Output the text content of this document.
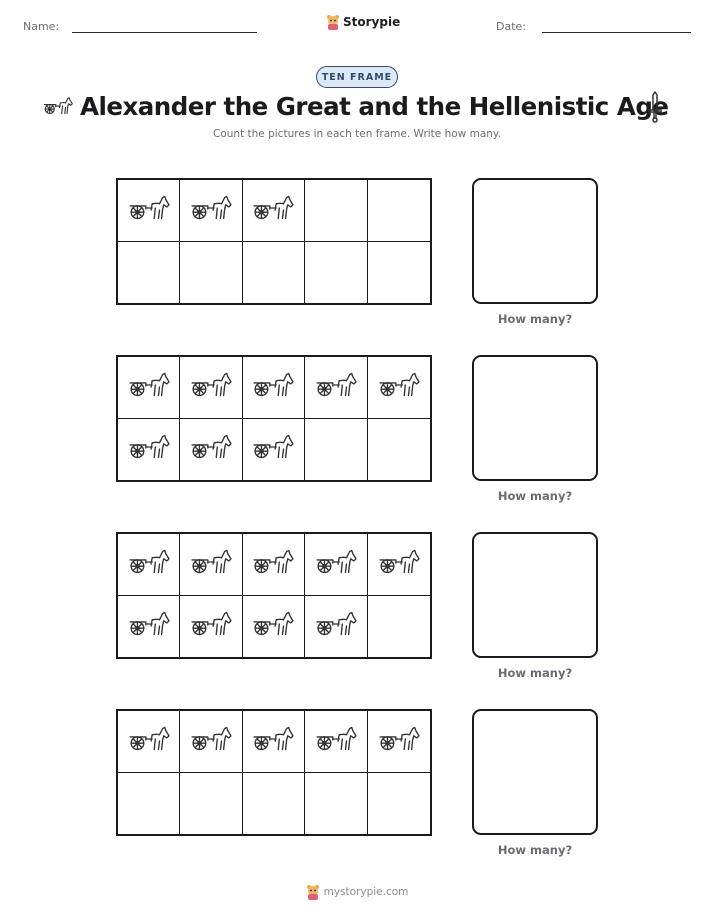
Name:	Storypie	Date:
TEN FRAME
Alexander the Great and the Hellenistic Age
Count the pictures in each ten frame. Write how many.
How many?
How many?
How many?
How many?
mystorypie.com
